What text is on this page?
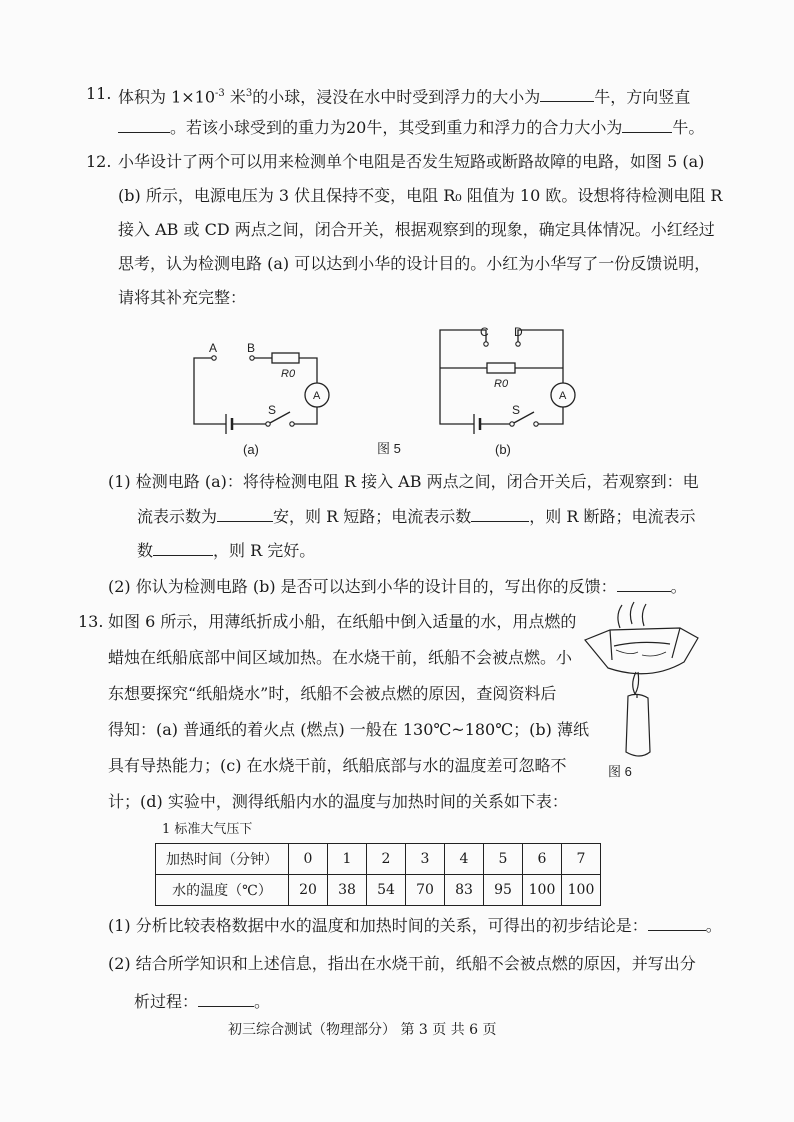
11. 体积为 $1\times 10^{-3}$ 米$^3$的小球，浸没在水中时受到浮力的大小为	牛，方向竖直
。若该小球受到的重力为20牛，其受到重力和浮力的合力大小为	牛。
12. 小华设计了两个可以用来检测单个电阻是否发生短路或断路故障的电路，如图 5 (a)
(b) 所示，电源电压为 3 伏且保持不变，电阻 R₀ 阻值为 10 欧。设想将待检测电阻 R
接入 AB 或 CD 两点之间，闭合开关，根据观察到的现象，确定具体情况。小红经过
思考，认为检测电路 (a) 可以达到小华的设计目的。小红为小华写了一份反馈说明，
请将其补充完整：
A B
R0
A
S
(a)
C D
R0
A
S
(b)
图 5
(1) 检测电路 (a)：将待检测电阻 R 接入 AB 两点之间，闭合开关后，若观察到：电
流表示数为	安，则 R 短路；电流表示数	，则 R 断路；电流表示
数	，则 R 完好。
(2) 你认为检测电路 (b) 是否可以达到小华的设计目的，写出你的反馈：	。
13. 如图 6 所示，用薄纸折成小船，在纸船中倒入适量的水，用点燃的
蜡烛在纸船底部中间区域加热。在水烧干前，纸船不会被点燃。小
东想要探究“纸船烧水”时，纸船不会被点燃的原因，查阅资料后
得知：(a) 普通纸的着火点 (燃点) 一般在 130℃~180℃；(b) 薄纸
具有导热能力；(c) 在水烧干前，纸船底部与水的温度差可忽略不
计；(d) 实验中，测得纸船内水的温度与加热时间的关系如下表：
图 6
1 标准大气压下
加热时间（分钟）	0	1	2	3	4	5	6	7
水的温度（℃）	20	38	54	70	83	95	100	100
(1) 分析比较表格数据中水的温度和加热时间的关系，可得出的初步结论是：	。
(2) 结合所学知识和上述信息，指出在水烧干前，纸船不会被点燃的原因，并写出分
析过程：	。
初三综合测试（物理部分） 第 3 页 共 6 页
